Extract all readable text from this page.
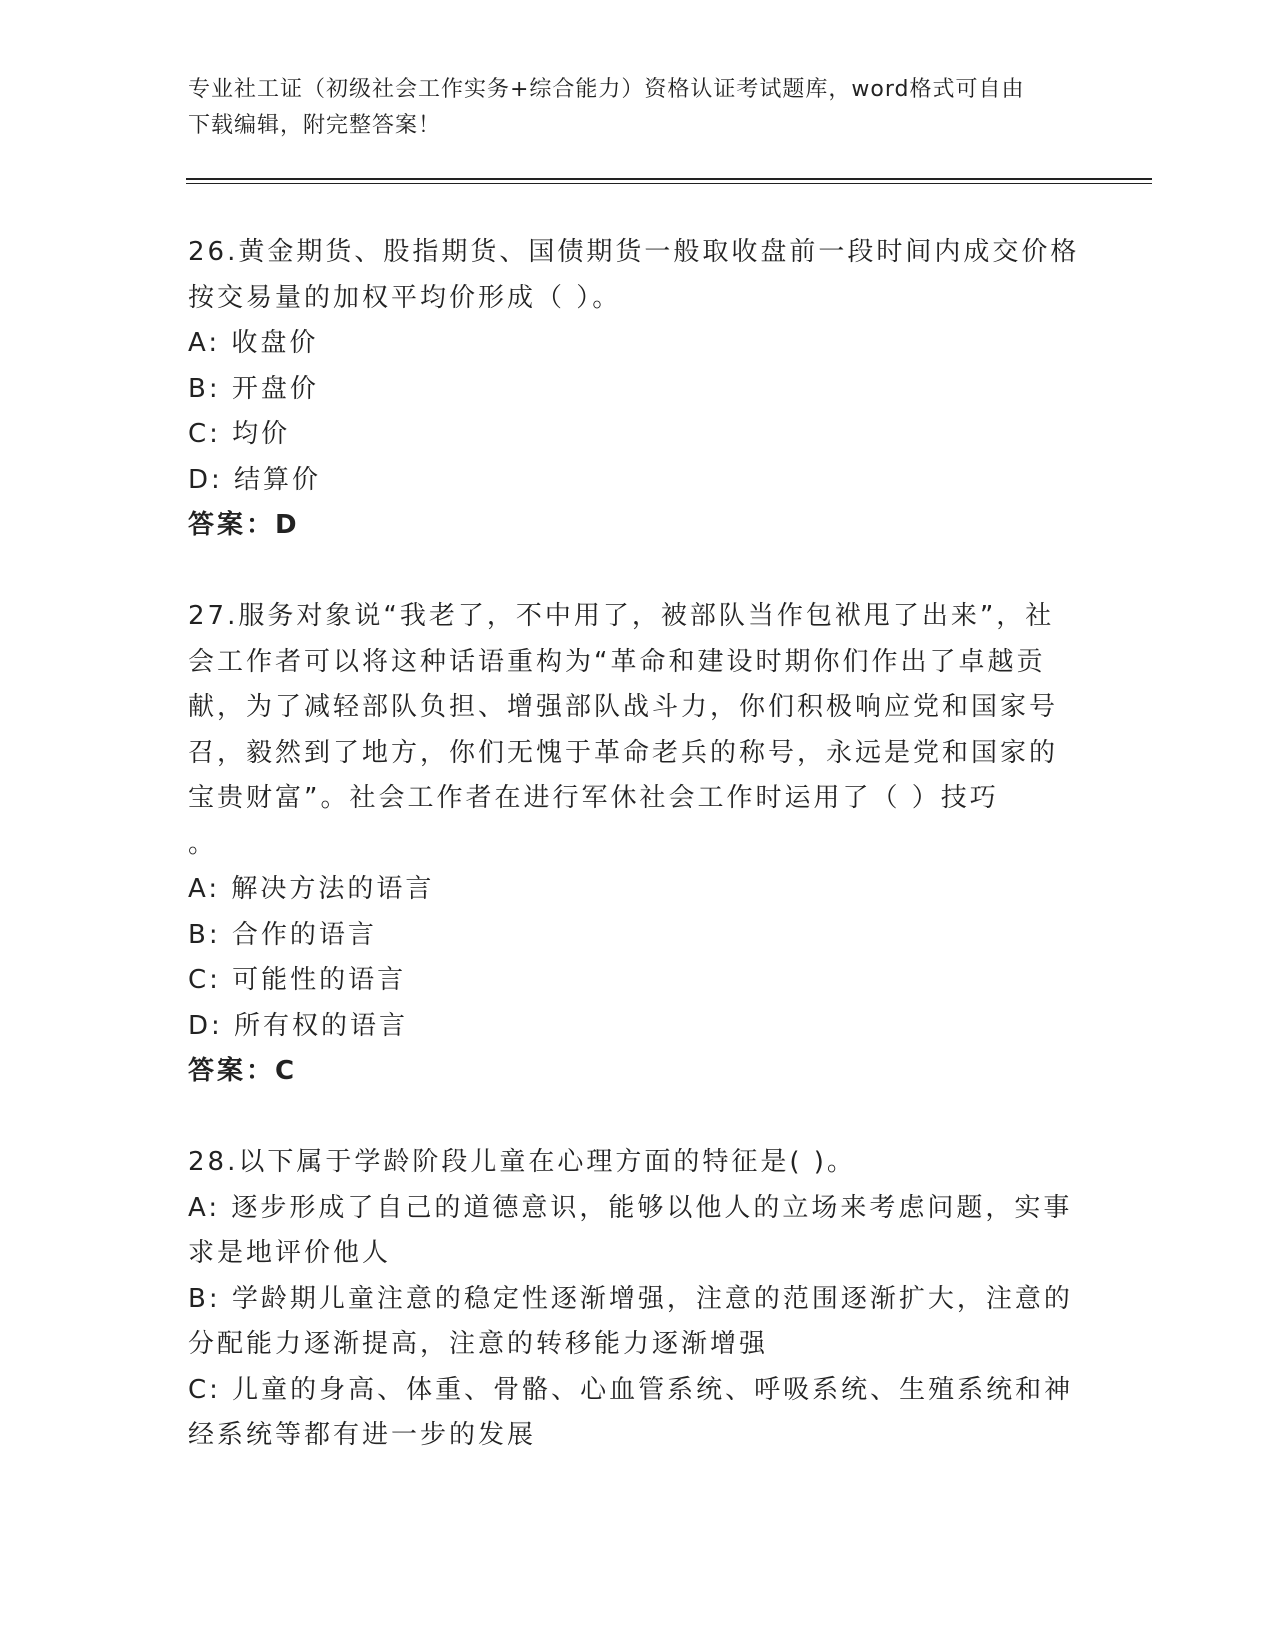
专业社工证（初级社会工作实务+综合能力）资格认证考试题库，word格式可自由
下载编辑，附完整答案！
26.黄金期货、股指期货、国债期货一般取收盘前一段时间内成交价格
按交易量的加权平均价形成（ ）。
A: 收盘价
B: 开盘价
C: 均价
D: 结算价
答案：D
27.服务对象说“我老了，不中用了，被部队当作包袱甩了出来”，社
会工作者可以将这种话语重构为“革命和建设时期你们作出了卓越贡
献，为了减轻部队负担、增强部队战斗力，你们积极响应党和国家号
召，毅然到了地方，你们无愧于革命老兵的称号，永远是党和国家的
宝贵财富”。社会工作者在进行军休社会工作时运用了（ ）技巧
。
A: 解决方法的语言
B: 合作的语言
C: 可能性的语言
D: 所有权的语言
答案：C
28.以下属于学龄阶段儿童在心理方面的特征是( )。
A: 逐步形成了自己的道德意识，能够以他人的立场来考虑问题，实事
求是地评价他人
B: 学龄期儿童注意的稳定性逐渐增强，注意的范围逐渐扩大，注意的
分配能力逐渐提高，注意的转移能力逐渐增强
C: 儿童的身高、体重、骨骼、心血管系统、呼吸系统、生殖系统和神
经系统等都有进一步的发展
